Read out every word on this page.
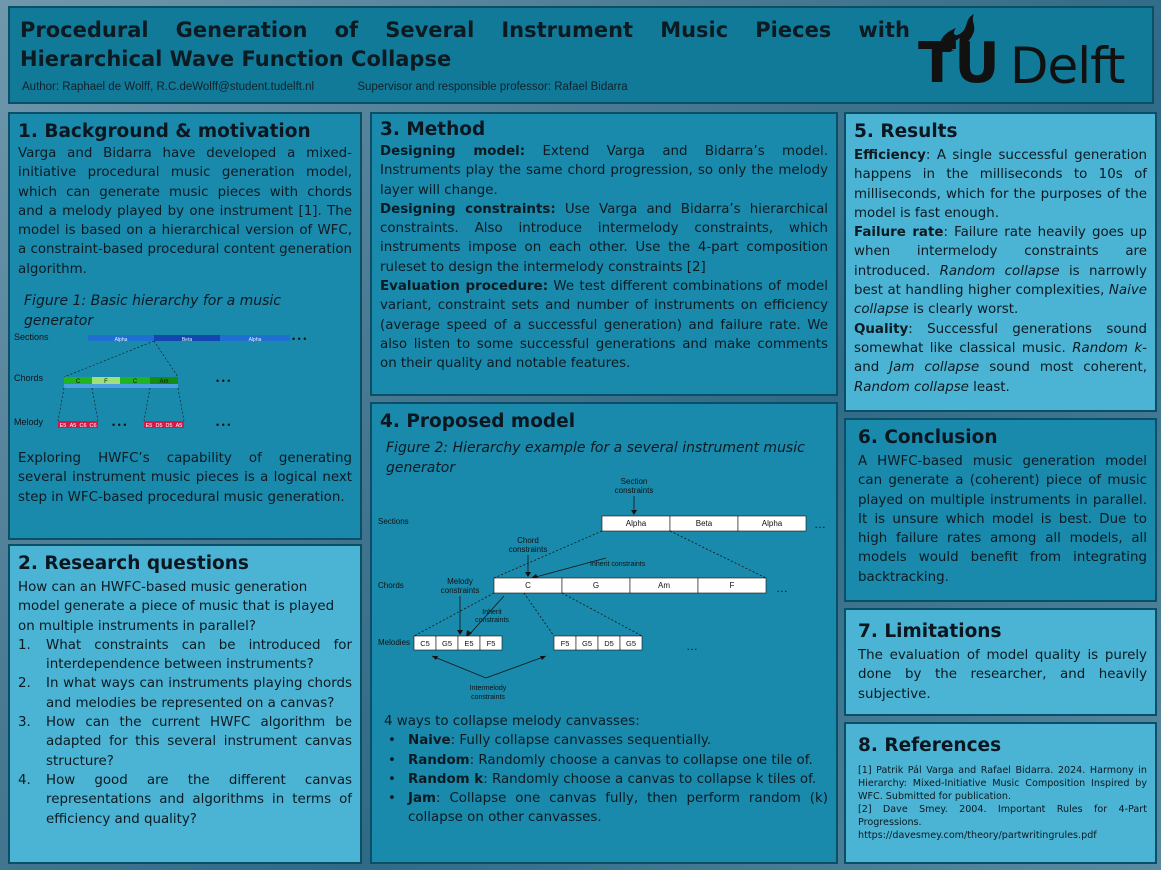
Procedural Generation of Several Instrument Music Pieces with Hierarchical Wave Function Collapse
Author: Raphael de Wolff, R.C.deWolff@student.tudelft.nl	Supervisor and responsible professor: Rafael Bidarra	TU Delft
1. Background & motivation
Varga and Bidarra have developed a mixed-initiative procedural music generation model, which can generate music pieces with chords and a melody played by one instrument [1]. The model is based on a hierarchical version of WFC, a constraint-based procedural content generation algorithm.
Figure 1: Basic hierarchy for a music generator
Sections
Chords
Melody
Alpha	Beta	Alpha	• • •
C	F	C	Am	• • •
E5 A5 C6 C6	E5 D5 D5 A5
• • •	• • •
Exploring HWFC’s capability of generating several instrument music pieces is a logical next step in WFC-based procedural music generation.
2. Research questions
How can an HWFC-based music generation model generate a piece of music that is played on multiple instruments in parallel?
1. What constraints can be introduced for interdependence between instruments?
2. In what ways can instruments playing chords and melodies be represented on a canvas?
3. How can the current HWFC algorithm be adapted for this several instrument canvas structure?
4. How good are the different canvas representations and algorithms in terms of efficiency and quality?
3. Method
Designing model: Extend Varga and Bidarra’s model. Instruments play the same chord progression, so only the melody layer will change.
Designing constraints: Use Varga and Bidarra’s hierarchical constraints. Also introduce intermelody constraints, which instruments impose on each other. Use the 4-part composition ruleset to design the intermelody constraints [2]
Evaluation procedure: We test different combinations of model variant, constraint sets and number of instruments on efficiency (average speed of a successful generation) and failure rate. We also listen to some successful generations and make comments on their quality and notable features.
4. Proposed model
Figure 2: Hierarchy example for a several instrument music generator
Sections
Chords
Melodies
Section
constraints
Alpha	Beta	Alpha	…
Chord
constraints
Inherit constraints
C	G	Am	F	…
Melody
constraints
Inherit
constraints
C5 G5 E5 F5	F5 G5 D5 G5	…
Intermelody
constraints
4 ways to collapse melody canvasses:
• Naive: Fully collapse canvasses sequentially.
• Random: Randomly choose a canvas to collapse one tile of.
• Random k: Randomly choose a canvas to collapse k tiles of.
• Jam: Collapse one canvas fully, then perform random (k) collapse on other canvasses.
5. Results
Efficiency: A single successful generation happens in the milliseconds to 10s of milliseconds, which for the purposes of the model is fast enough.
Failure rate: Failure rate heavily goes up when intermelody constraints are introduced. Random collapse is narrowly best at handling higher complexities, Naive collapse is clearly worst.
Quality: Successful generations sound somewhat like classical music. Random k- and Jam collapse sound most coherent, Random collapse least.
6. Conclusion
A HWFC-based music generation model can generate a (coherent) piece of music played on multiple instruments in parallel. It is unsure which model is best. Due to high failure rates among all models, all models would benefit from integrating backtracking.
7. Limitations
The evaluation of model quality is purely done by the researcher, and heavily subjective.
8. References
[1] Patrik Pál Varga and Rafael Bidarra. 2024. Harmony in Hierarchy: Mixed-Initiative Music Composition Inspired by WFC. Submitted for publication.
[2] Dave Smey. 2004. Important Rules for 4-Part Progressions.
https://davesmey.com/theory/partwritingrules.pdf
